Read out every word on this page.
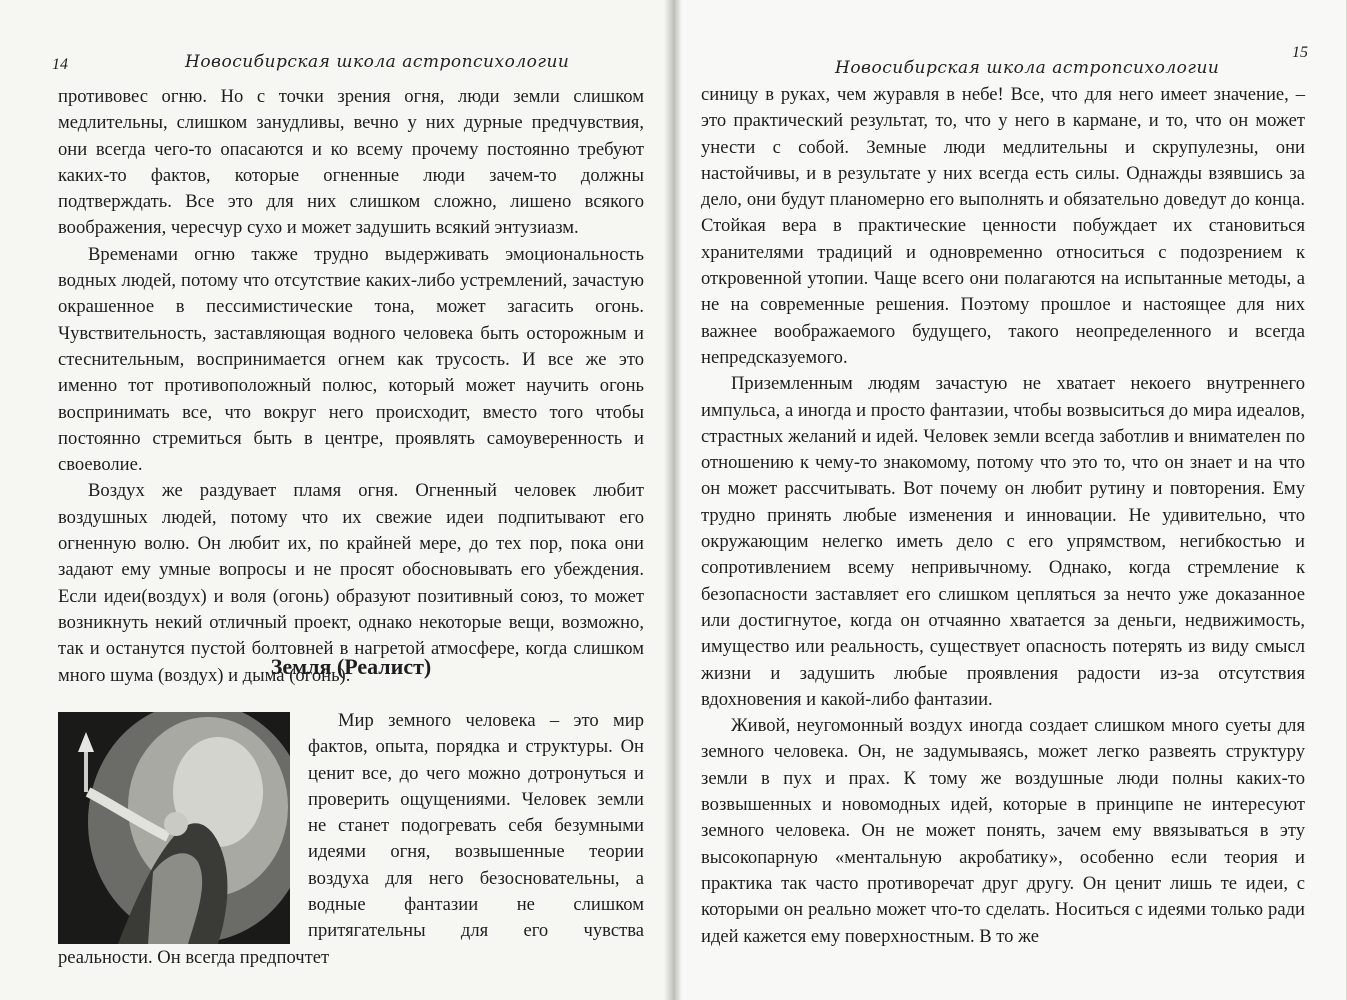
14	Новосибирская школа астропсихологии

противовес огню. Но с точки зрения огня, люди земли слишком медлительны, слишком занудливы, вечно у них дурные предчувствия, они всегда чего-то опасаются и ко всему прочему постоянно требуют каких-то фактов, которые огненные люди зачем-то должны подтверждать. Все это для них слишком сложно, лишено всякого воображения, чересчур сухо и может задушить всякий энтузиазм.

Временами огню также трудно выдерживать эмоциональность водных людей, потому что отсутствие каких-либо устремлений, зачастую окрашенное в пессимистические тона, может загасить огонь. Чувствительность, заставляющая водного человека быть осторожным и стеснительным, воспринимается огнем как трусость. И все же это именно тот противоположный полюс, который может научить огонь воспринимать все, что вокруг него происходит, вместо того чтобы постоянно стремиться быть в центре, проявлять самоуверенность и своеволие.

Воздух же раздувает пламя огня. Огненный человек любит воздушных людей, потому что их свежие идеи подпитывают его огненную волю. Он любит их, по крайней мере, до тех пор, пока они задают ему умные вопросы и не просят обосновывать его убеждения. Если идеи(воздух) и воля (огонь) образуют позитивный союз, то может возникнуть некий отличный проект, однако некоторые вещи, возможно, так и останутся пустой болтовней в нагретой атмосфере, когда слишком много шума (воздух) и дыма (огонь).

Земля (Реалист)

Мир земного человека – это мир фактов, опыта, порядка и структуры. Он ценит все, до чего можно дотронуться и проверить ощущениями. Человек земли не станет подогревать себя безумными идеями огня, возвышенные теории воздуха для него безосновательны, а водные фантазии не слишком притягательны для его чувства реальности. Он всегда предпочтет

Новосибирская школа астропсихологии
15

синицу в руках, чем журавля в небе! Все, что для него имеет значение, – это практический результат, то, что у него в кармане, и то, что он может унести с собой. Земные люди медлительны и скрупулезны, они настойчивы, и в результате у них всегда есть силы. Однажды взявшись за дело, они будут планомерно его выполнять и обязательно доведут до конца. Стойкая вера в практические ценности побуждает их становиться хранителями традиций и одновременно относиться с подозрением к откровенной утопии. Чаще всего они полагаются на испытанные методы, а не на современные решения. Поэтому прошлое и настоящее для них важнее воображаемого будущего, такого неопределенного и всегда непредсказуемого.

Приземленным людям зачастую не хватает некоего внутреннего импульса, а иногда и просто фантазии, чтобы возвыситься до мира идеалов, страстных желаний и идей. Человек земли всегда заботлив и внимателен по отношению к чему-то знакомому, потому что это то, что он знает и на что он может рассчитывать. Вот почему он любит рутину и повторения. Ему трудно принять любые изменения и инновации. Не удивительно, что окружающим нелегко иметь дело с его упрямством, негибкостью и сопротивлением всему непривычному. Однако, когда стремление к безопасности заставляет его слишком цепляться за нечто уже доказанное или достигнутое, когда он отчаянно хватается за деньги, недвижимость, имущество или реальность, существует опасность потерять из виду смысл жизни и задушить любые проявления радости из-за отсутствия вдохновения и какой-либо фантазии.

Живой, неугомонный воздух иногда создает слишком много суеты для земного человека. Он, не задумываясь, может легко развеять структуру земли в пух и прах. К тому же воздушные люди полны каких-то возвышенных и новомодных идей, которые в принципе не интересуют земного человека. Он не может понять, зачем ему ввязываться в эту высокопарную «ментальную акробатику», особенно если теория и практика так часто противоречат друг другу. Он ценит лишь те идеи, с которыми он реально может что-то сделать. Носиться с идеями только ради идей кажется ему поверхностным. В то же
